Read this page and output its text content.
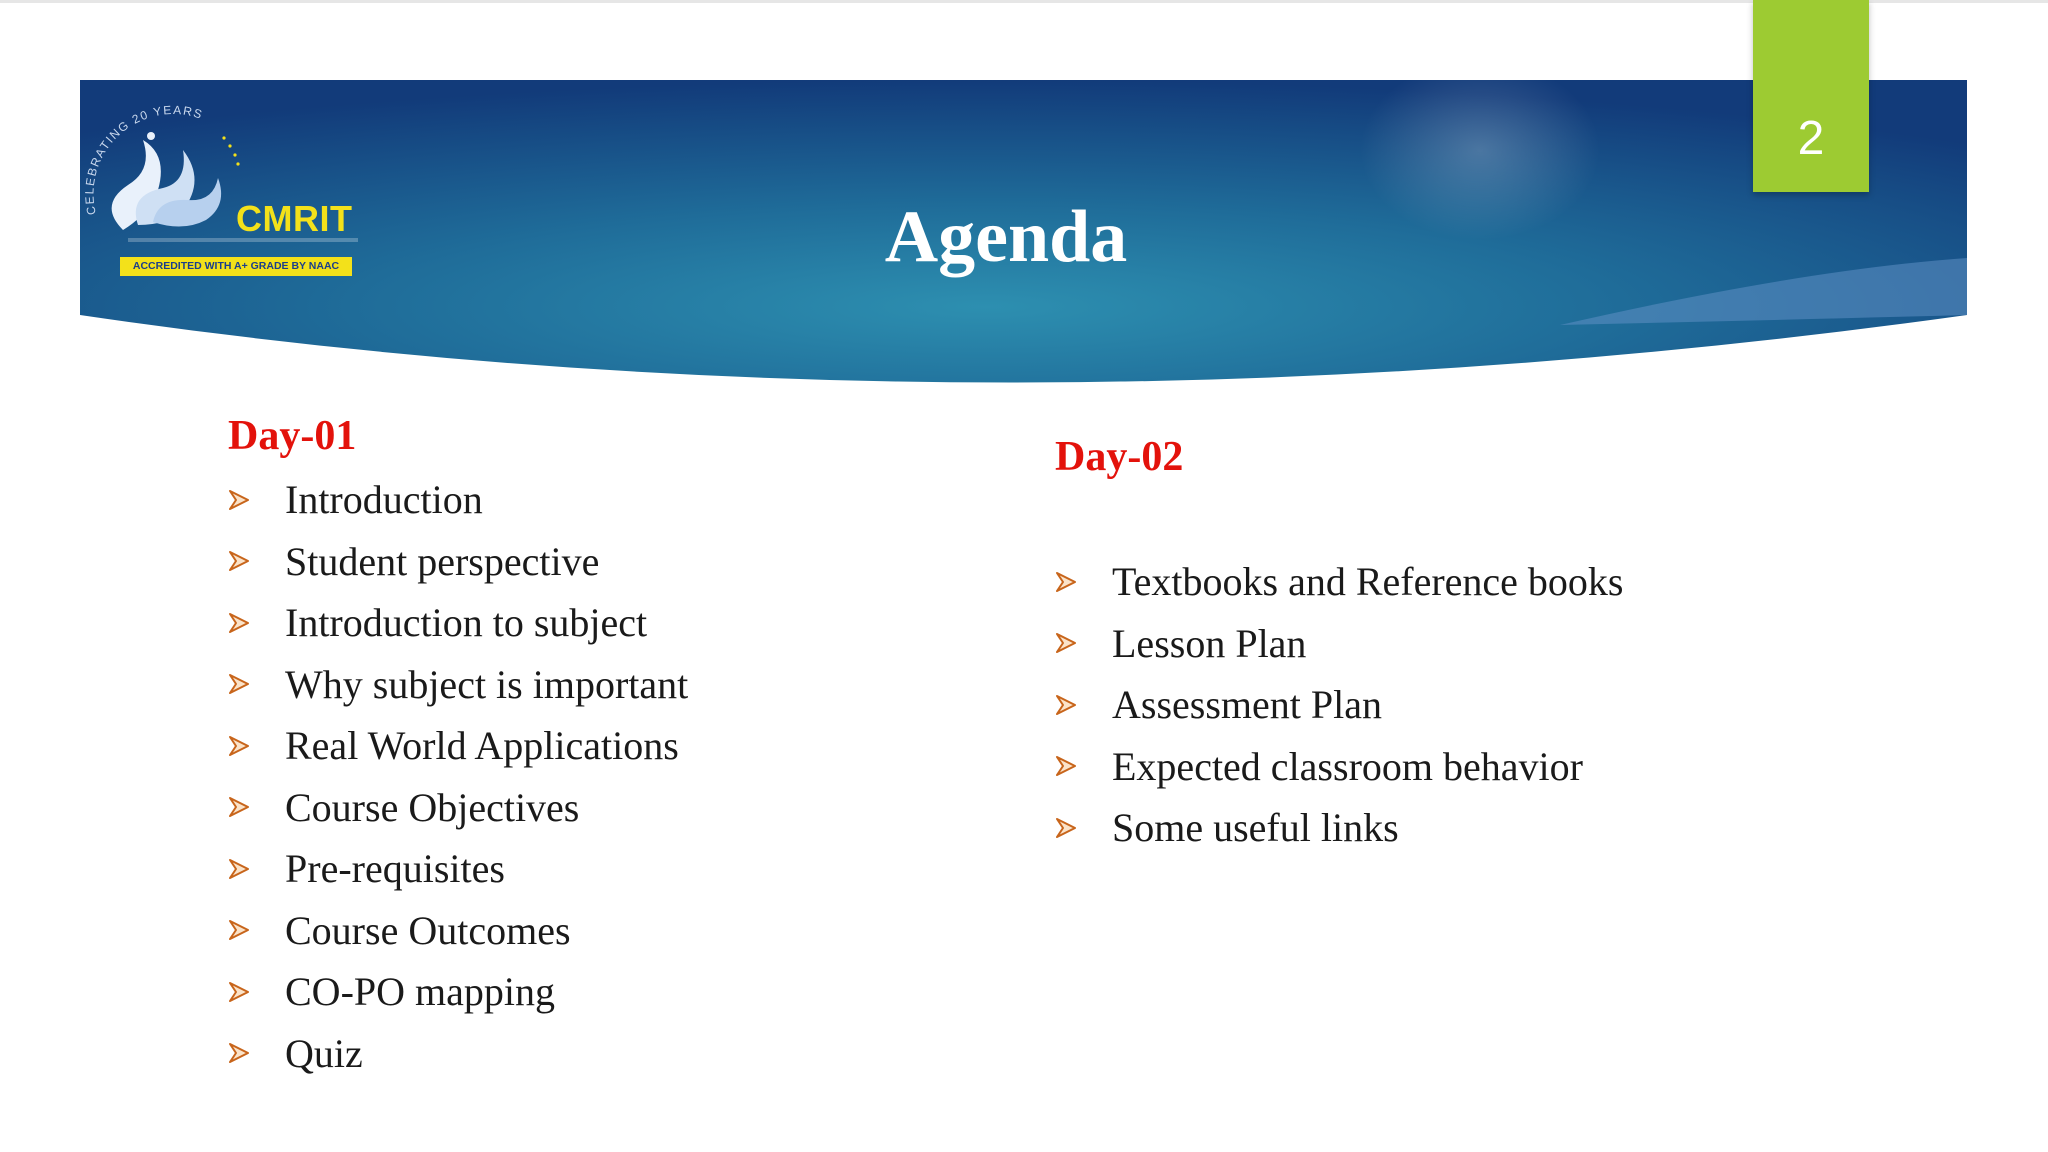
2
CELEBRATING 20 YEARS
CMRIT
ACCREDITED WITH A+ GRADE BY NAAC	Agenda
Day-01
Introduction
Student perspective
Introduction to subject
Why subject is important
Real World Applications
Course Objectives
Pre-requisites
Course Outcomes
CO-PO mapping
Quiz
Day-02
Textbooks and Reference books
Lesson Plan
Assessment Plan
Expected classroom behavior
Some useful links
